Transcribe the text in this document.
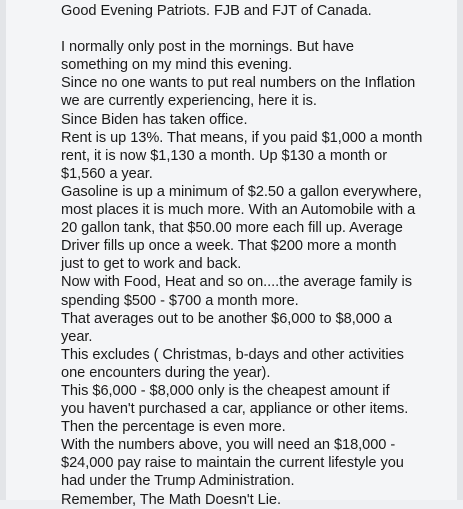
Good Evening Patriots. FJB and FJT of Canada.
I normally only post in the mornings. But have
something on my mind this evening.
Since no one wants to put real numbers on the Inflation
we are currently experiencing, here it is.
Since Biden has taken office.
Rent is up 13%. That means, if you paid $1,000 a month
rent, it is now $1,130 a month. Up $130 a month or
$1,560 a year.
Gasoline is up a minimum of $2.50 a gallon everywhere,
most places it is much more. With an Automobile with a
20 gallon tank, that $50.00 more each fill up. Average
Driver fills up once a week. That $200 more a month
just to get to work and back.
Now with Food, Heat and so on....the average family is
spending $500 - $700 a month more.
That averages out to be another $6,000 to $8,000 a
year.
This excludes ( Christmas, b-days and other activities
one encounters during the year).
This $6,000 - $8,000 only is the cheapest amount if
you haven't purchased a car, appliance or other items.
Then the percentage is even more.
With the numbers above, you will need an $18,000 -
$24,000 pay raise to maintain the current lifestyle you
had under the Trump Administration.
Remember, The Math Doesn't Lie.
